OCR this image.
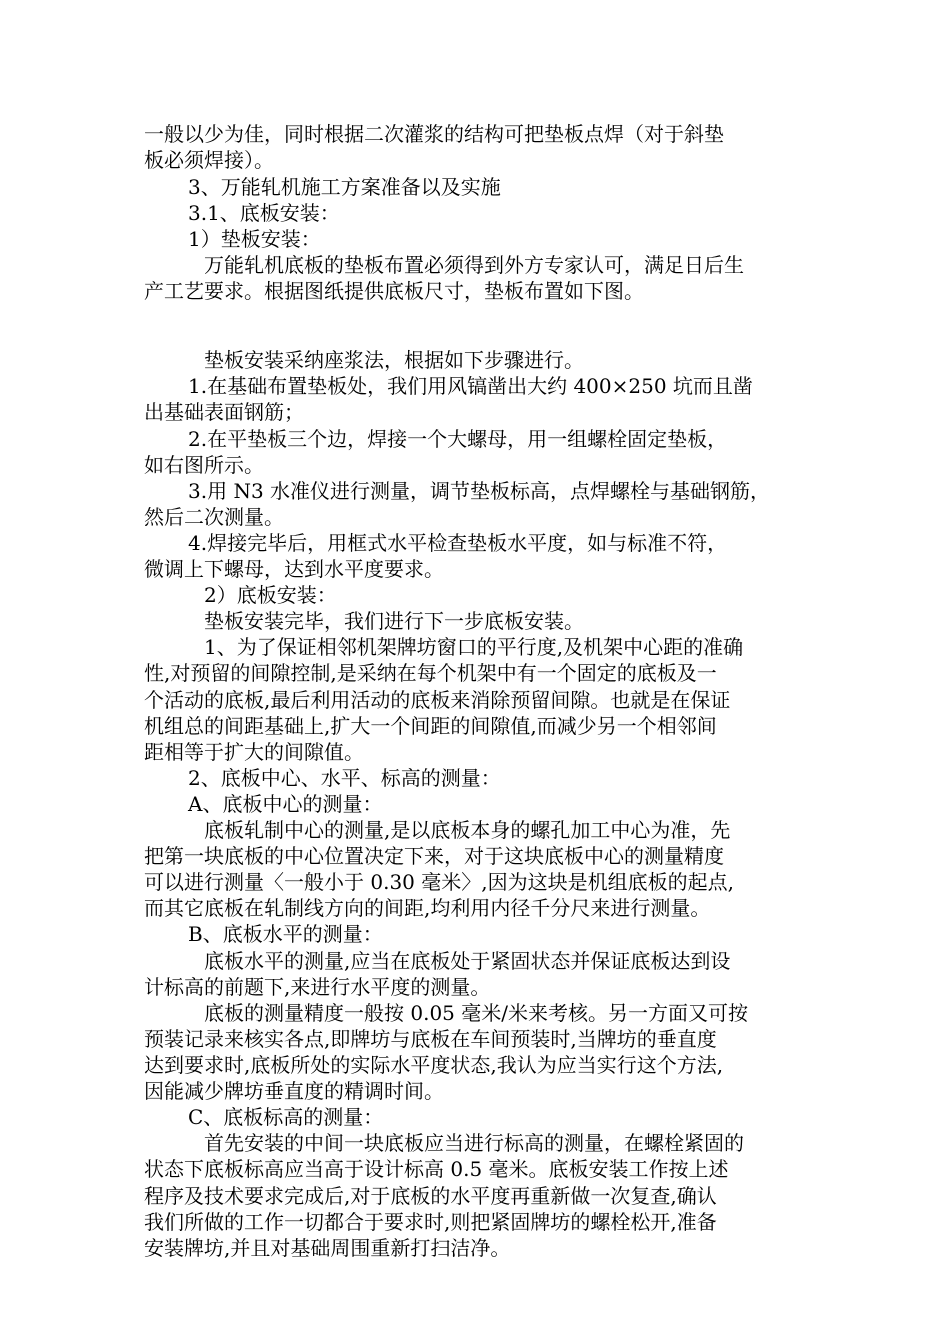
一般以少为佳，同时根据二次灌浆的结构可把垫板点焊（对于斜垫
板必须焊接）。
3、万能轧机施工方案准备以及实施
3.1、底板安装：
1）垫板安装：
万能轧机底板的垫板布置必须得到外方专家认可，满足日后生
产工艺要求。根据图纸提供底板尺寸，垫板布置如下图。
垫板安装采纳座浆法，根据如下步骤进行。
1.在基础布置垫板处，我们用风镐凿出大约 400×250 坑而且凿
出基础表面钢筋；
2.在平垫板三个边，焊接一个大螺母，用一组螺栓固定垫板，
如右图所示。
3.用 N3 水准仪进行测量，调节垫板标高，点焊螺栓与基础钢筋，
然后二次测量。
4.焊接完毕后，用框式水平检查垫板水平度，如与标准不符，
微调上下螺母，达到水平度要求。
2）底板安装：
垫板安装完毕，我们进行下一步底板安装。
1、为了保证相邻机架牌坊窗口的平行度,及机架中心距的准确
性,对预留的间隙控制,是采纳在每个机架中有一个固定的底板及一
个活动的底板,最后利用活动的底板来消除预留间隙。也就是在保证
机组总的间距基础上,扩大一个间距的间隙值,而减少另一个相邻间
距相等于扩大的间隙值。
2、底板中心、水平、标高的测量：
A、底板中心的测量：
底板轧制中心的测量,是以底板本身的螺孔加工中心为准，先
把第一块底板的中心位置决定下来，对于这块底板中心的测量精度
可以进行测量〈一般小于 0.30 毫米〉,因为这块是机组底板的起点,
而其它底板在轧制线方向的间距,均利用内径千分尺来进行测量。
B、底板水平的测量：
底板水平的测量,应当在底板处于紧固状态并保证底板达到设
计标高的前题下,来进行水平度的测量。
底板的测量精度一般按 0.05 毫米/米来考核。另一方面又可按
预装记录来核实各点,即牌坊与底板在车间预装时,当牌坊的垂直度
达到要求时,底板所处的实际水平度状态,我认为应当实行这个方法,
因能减少牌坊垂直度的精调时间。
C、底板标高的测量：
首先安装的中间一块底板应当进行标高的测量，在螺栓紧固的
状态下底板标高应当高于设计标高 0.5 毫米。底板安装工作按上述
程序及技术要求完成后,对于底板的水平度再重新做一次复查,确认
我们所做的工作一切都合于要求时,则把紧固牌坊的螺栓松开,准备
安装牌坊,并且对基础周围重新打扫洁净。
